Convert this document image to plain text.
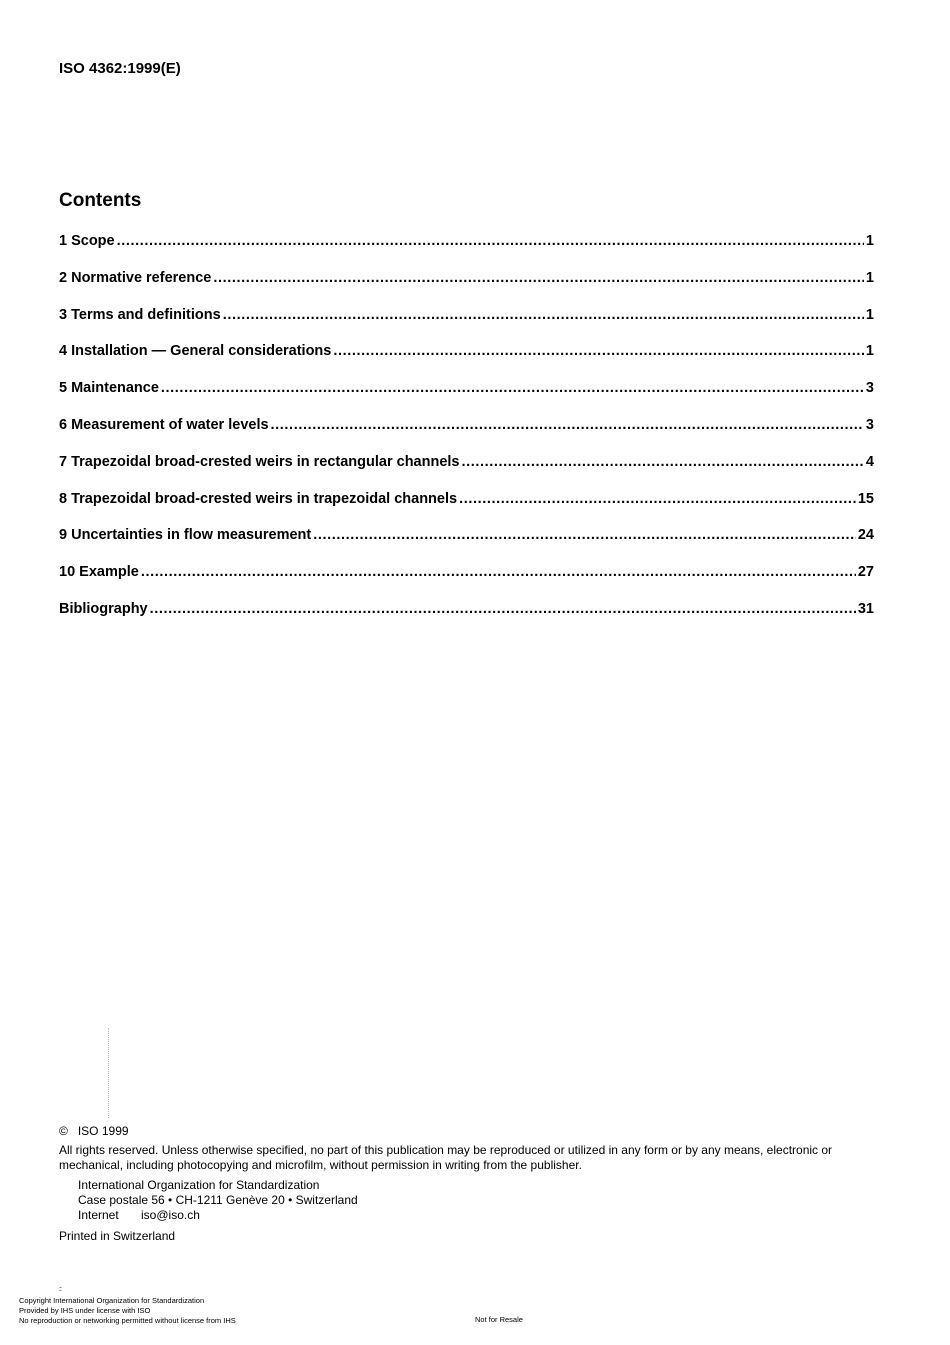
ISO 4362:1999(E)
Contents
1 Scope .....	1
2 Normative reference .....	1
3 Terms and definitions .....	1
4 Installation — General considerations .....	1
5 Maintenance .....	3
6 Measurement of water levels .....	3
7 Trapezoidal broad-crested weirs in rectangular channels .....	4
8 Trapezoidal broad-crested weirs in trapezoidal channels .....	15
9 Uncertainties in flow measurement .....	24
10 Example .....	27
Bibliography .....	31
© ISO 1999
All rights reserved. Unless otherwise specified, no part of this publication may be reproduced or utilized in any form or by any means, electronic or mechanical, including photocopying and microfilm, without permission in writing from the publisher.
International Organization for Standardization
Case postale 56 • CH-1211 Genève 20 • Switzerland
Internet iso@iso.ch
Printed in Switzerland
::
Copyright International Organization for Standardization
Provided by IHS under license with ISO
No reproduction or networking permitted without license from IHS	Not for Resale
